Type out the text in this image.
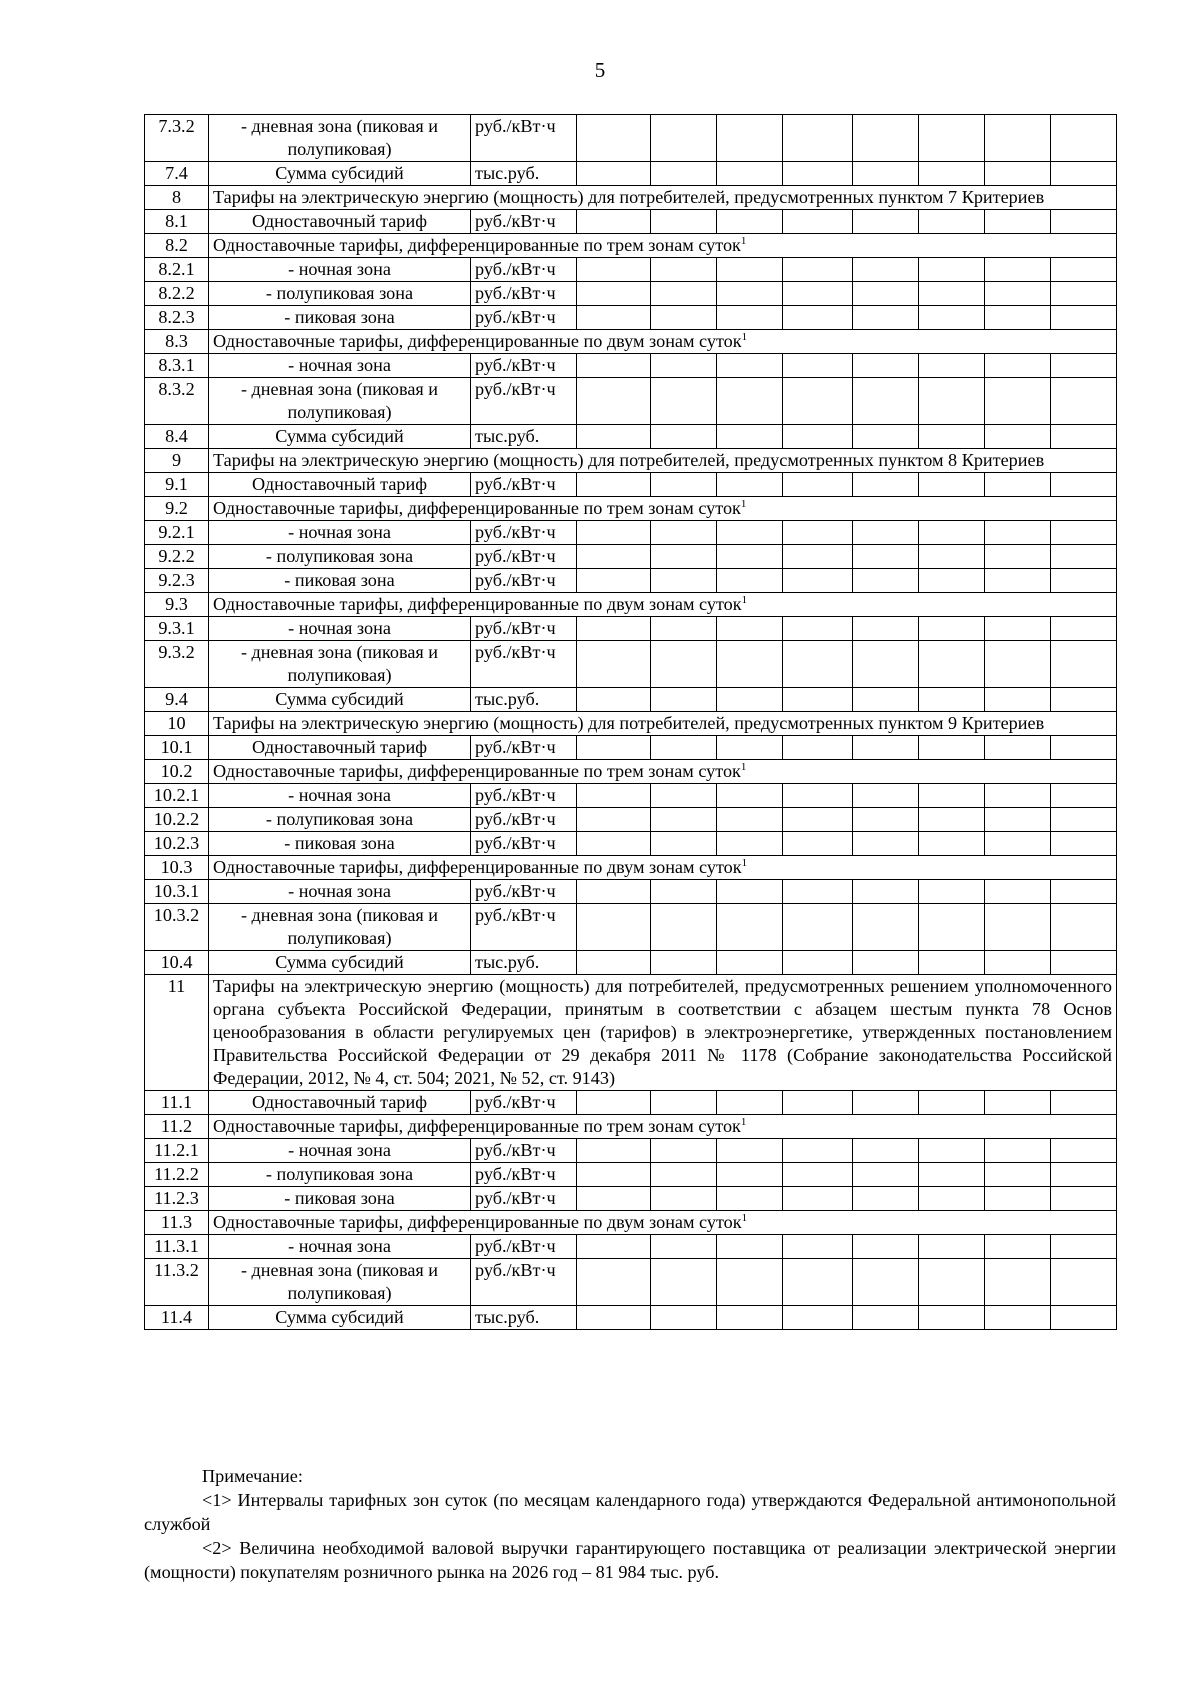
5
7.3.2	- дневная зона (пиковая и полупиковая)	руб./кВт·ч								
7.4	Сумма субсидий	тыс.руб.								
8	Тарифы на электрическую энергию (мощность) для потребителей, предусмотренных пунктом 7 Критериев									
8.1	Одноставочный тариф	руб./кВт·ч								
8.2	Одноставочные тарифы, дифференцированные по трем зонам суток$^1$
8.2.1	- ночная зона	руб./кВт·ч								
8.2.2	- полупиковая зона	руб./кВт·ч								
8.2.3	- пиковая зона	руб./кВт·ч								
8.3	Одноставочные тарифы, дифференцированные по двум зонам суток$^1$
8.3.1	- ночная зона	руб./кВт·ч								
8.3.2	- дневная зона (пиковая и полупиковая)	руб./кВт·ч								
8.4	Сумма субсидий	тыс.руб.								
9	Тарифы на электрическую энергию (мощность) для потребителей, предусмотренных пунктом 8 Критериев									
9.1	Одноставочный тариф	руб./кВт·ч								
9.2	Одноставочные тарифы, дифференцированные по трем зонам суток$^1$
9.2.1	- ночная зона	руб./кВт·ч								
9.2.2	- полупиковая зона	руб./кВт·ч								
9.2.3	- пиковая зона	руб./кВт·ч								
9.3	Одноставочные тарифы, дифференцированные по двум зонам суток$^1$
9.3.1	- ночная зона	руб./кВт·ч								
9.3.2	- дневная зона (пиковая и полупиковая)	руб./кВт·ч								
9.4	Сумма субсидий	тыс.руб.								
10	Тарифы на электрическую энергию (мощность) для потребителей, предусмотренных пунктом 9 Критериев									
10.1	Одноставочный тариф	руб./кВт·ч								
10.2	Одноставочные тарифы, дифференцированные по трем зонам суток$^1$
10.2.1	- ночная зона	руб./кВт·ч								
10.2.2	- полупиковая зона	руб./кВт·ч								
10.2.3	- пиковая зона	руб./кВт·ч								
10.3	Одноставочные тарифы, дифференцированные по двум зонам суток$^1$
10.3.1	- ночная зона	руб./кВт·ч								
10.3.2	- дневная зона (пиковая и полупиковая)	руб./кВт·ч								
10.4	Сумма субсидий	тыс.руб.								
11	Тарифы на электрическую энергию (мощность) для потребителей, предусмотренных решением уполномоченного органа субъекта Российской Федерации, принятым в соответствии с абзацем шестым пункта 78 Основ ценообразования в области регулируемых цен (тарифов) в электроэнергетике, утвержденных постановлением Правительства Российской Федерации от 29 декабря 2011 № 1178 (Собрание законодательства Российской Федерации, 2012, № 4, ст. 504; 2021, № 52, ст. 9143)									
11.1	Одноставочный тариф	руб./кВт·ч								
11.2	Одноставочные тарифы, дифференцированные по трем зонам суток$^1$
11.2.1	- ночная зона	руб./кВт·ч								
11.2.2	- полупиковая зона	руб./кВт·ч								
11.2.3	- пиковая зона	руб./кВт·ч								
11.3	Одноставочные тарифы, дифференцированные по двум зонам суток$^1$
11.3.1	- ночная зона	руб./кВт·ч								
11.3.2	- дневная зона (пиковая и полупиковая)	руб./кВт·ч								
11.4	Сумма субсидий	тыс.руб.								

Примечание:

<1> Интервалы тарифных зон суток (по месяцам календарного года) утверждаются Федеральной антимонопольной службой

<2> Величина необходимой валовой выручки гарантирующего поставщика от реализации электрической энергии (мощности) покупателям розничного рынка на 2026 год – 81 984 тыс. руб.
